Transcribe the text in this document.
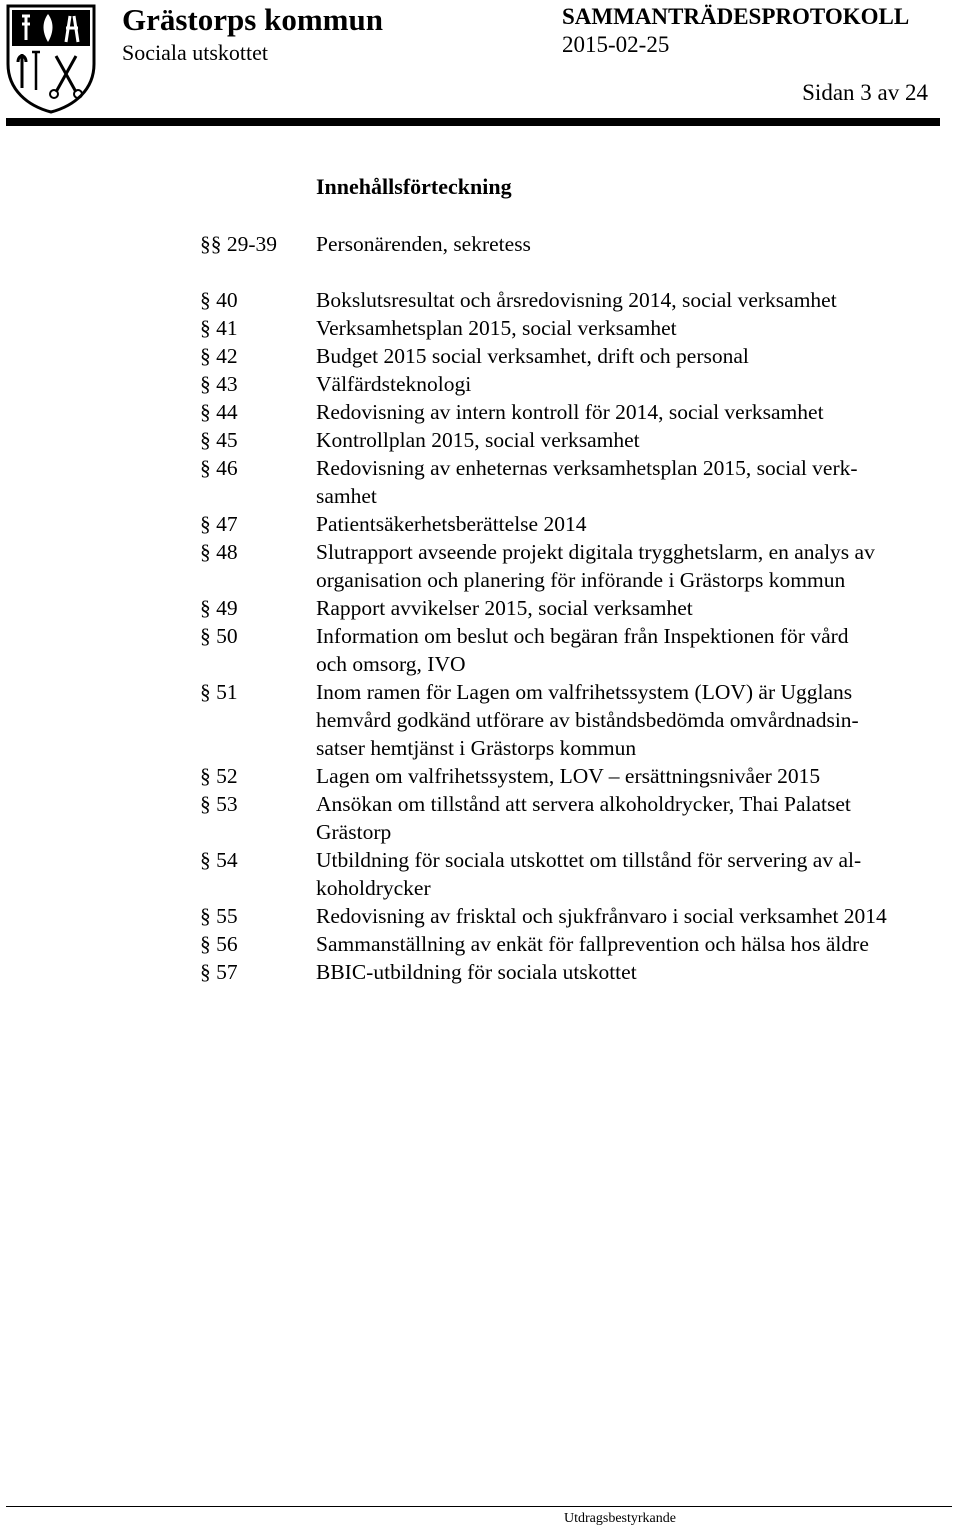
Grästorps kommun
Sociala utskottet
SAMMANTRÄDESPROTOKOLL
2015-02-25
Sidan 3 av 24
Innehållsförteckning
§§ 29-39 Personärenden, sekretess
§ 40	Bokslutsresultat och årsredovisning 2014, social verksamhet
§ 41	Verksamhetsplan 2015, social verksamhet
§ 42	Budget 2015 social verksamhet, drift och personal
§ 43	Välfärdsteknologi
§ 44	Redovisning av intern kontroll för 2014, social verksamhet
§ 45	Kontrollplan 2015, social verksamhet
§ 46	Redovisning av enheternas verksamhetsplan 2015, social verk-
samhet
§ 47	Patientsäkerhetsberättelse 2014
§ 48	Slutrapport avseende projekt digitala trygghetslarm, en analys av
organisation och planering för införande i Grästorps kommun
§ 49	Rapport avvikelser 2015, social verksamhet
§ 50	Information om beslut och begäran från Inspektionen för vård
och omsorg, IVO
§ 51	Inom ramen för Lagen om valfrihetssystem (LOV) är Ugglans
hemvård godkänd utförare av biståndsbedömda omvårdnadsin-
satser hemtjänst i Grästorps kommun
§ 52	Lagen om valfrihetssystem, LOV – ersättningsnivåer 2015
§ 53	Ansökan om tillstånd att servera alkoholdrycker, Thai Palatset
Grästorp
§ 54	Utbildning för sociala utskottet om tillstånd för servering av al-
koholdrycker
§ 55	Redovisning av frisktal och sjukfrånvaro i social verksamhet 2014
§ 56	Sammanställning av enkät för fallprevention och hälsa hos äldre
§ 57	BBIC-utbildning för sociala utskottet
Utdragsbestyrkande
